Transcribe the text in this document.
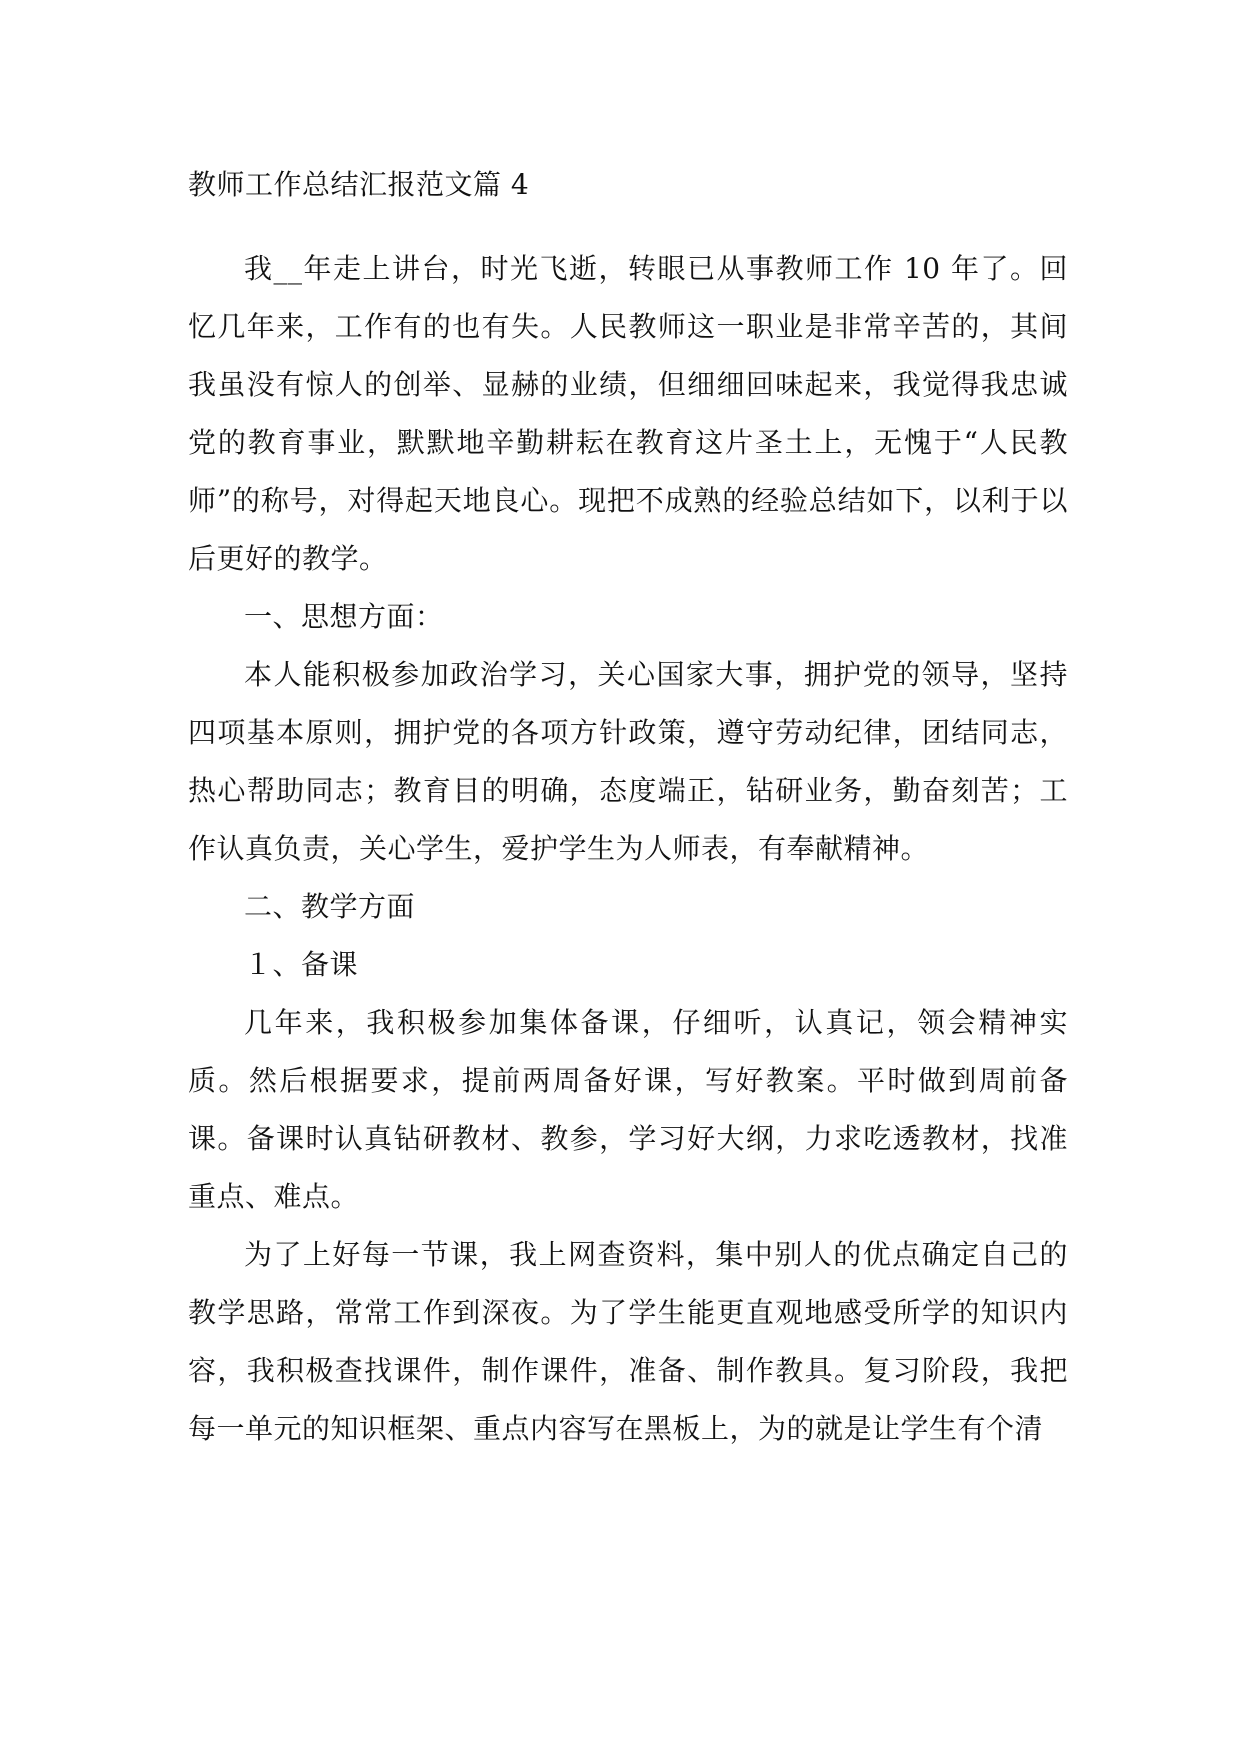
教师工作总结汇报范文篇 4

我__年走上讲台，时光飞逝，转眼已从事教师工作 10 年了。回忆几年来，工作有的也有失。人民教师这一职业是非常辛苦的，其间我虽没有惊人的创举、显赫的业绩，但细细回味起来，我觉得我忠诚党的教育事业，默默地辛勤耕耘在教育这片圣土上，无愧于“人民教师”的称号，对得起天地良心。现把不成熟的经验总结如下，以利于以后更好的教学。

一、思想方面：

本人能积极参加政治学习，关心国家大事，拥护党的领导，坚持四项基本原则，拥护党的各项方针政策，遵守劳动纪律，团结同志，热心帮助同志；教育目的明确，态度端正，钻研业务，勤奋刻苦；工作认真负责，关心学生，爱护学生为人师表，有奉献精神。

二、教学方面

１、备课

几年来，我积极参加集体备课，仔细听，认真记，领会精神实质。然后根据要求，提前两周备好课，写好教案。平时做到周前备课。备课时认真钻研教材、教参，学习好大纲，力求吃透教材，找准重点、难点。

为了上好每一节课，我上网查资料，集中别人的优点确定自己的教学思路，常常工作到深夜。为了学生能更直观地感受所学的知识内容，我积极查找课件，制作课件，准备、制作教具。复习阶段，我把每一单元的知识框架、重点内容写在黑板上，为的就是让学生有个清
